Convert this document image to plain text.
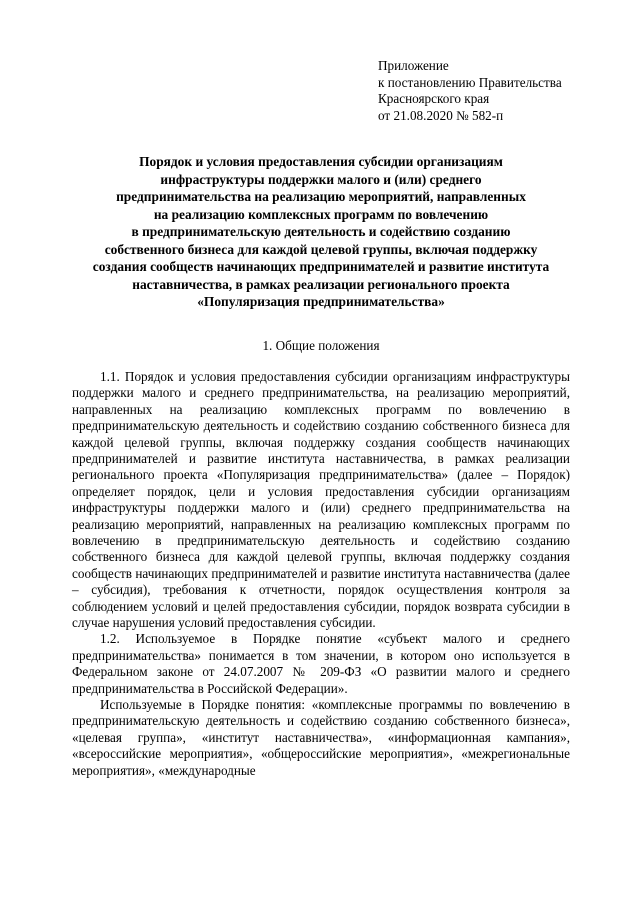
Приложение
к постановлению Правительства
Красноярского края
от 21.08.2020 № 582-п
Порядок и условия предоставления субсидии организациям
инфраструктуры поддержки малого и (или) среднего
предпринимательства на реализацию мероприятий, направленных
на реализацию комплексных программ по вовлечению
в предпринимательскую деятельность и содействию созданию
собственного бизнеса для каждой целевой группы, включая поддержку
создания сообществ начинающих предпринимателей и развитие института
наставничества, в рамках реализации регионального проекта
«Популяризация предпринимательства»
1. Общие положения

1.1. Порядок и условия предоставления субсидии организациям инфраструктуры поддержки малого и среднего предпринимательства, на реализацию мероприятий, направленных на реализацию комплексных программ по вовлечению в предпринимательскую деятельность и содействию созданию собственного бизнеса для каждой целевой группы, включая поддержку создания сообществ начинающих предпринимателей и развитие института наставничества, в рамках реализации регионального проекта «Популяризация предпринимательства» (далее – Порядок) определяет порядок, цели и условия предоставления субсидии организациям инфраструктуры поддержки малого и (или) среднего предпринимательства на реализацию мероприятий, направленных на реализацию комплексных программ по вовлечению в предпринимательскую деятельность и содействию созданию собственного бизнеса для каждой целевой группы, включая поддержку создания сообществ начинающих предпринимателей и развитие института наставничества (далее – субсидия), требования к отчетности, порядок осуществления контроля за соблюдением условий и целей предоставления субсидии, порядок возврата субсидии в случае нарушения условий предоставления субсидии.

1.2. Используемое в Порядке понятие «субъект малого и среднего предпринимательства» понимается в том значении, в котором оно используется в Федеральном законе от 24.07.2007 № 209-ФЗ «О развитии малого и среднего предпринимательства в Российской Федерации».

Используемые в Порядке понятия: «комплексные программы по вовлечению в предпринимательскую деятельность и содействию созданию собственного бизнеса», «целевая группа», «институт наставничества», «информационная кампания», «всероссийские мероприятия», «общероссийские мероприятия», «межрегиональные мероприятия», «международные
